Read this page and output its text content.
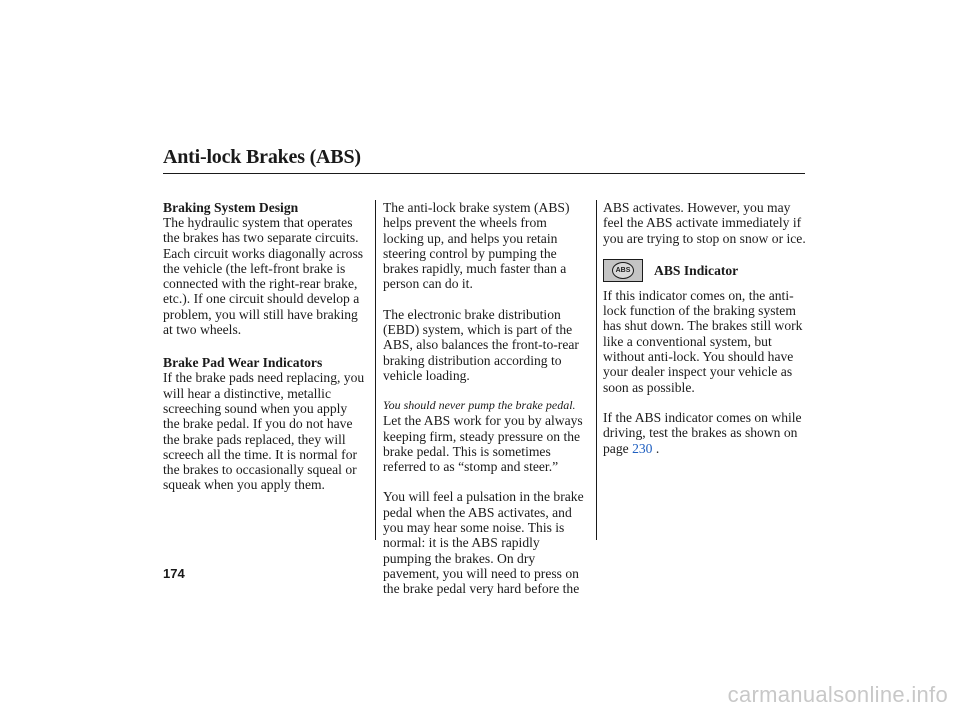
Anti-lock Brakes (ABS)
Braking System Design

The hydraulic system that operates
the brakes has two separate circuits.
Each circuit works diagonally across
the vehicle (the left-front brake is
connected with the right-rear brake,
etc.). If one circuit should develop a
problem, you will still have braking
at two wheels.

Brake Pad Wear Indicators

If the brake pads need replacing, you
will hear a distinctive, metallic
screeching sound when you apply
the brake pedal. If you do not have
the brake pads replaced, they will
screech all the time. It is normal for
the brakes to occasionally squeal or
squeak when you apply them.

The anti-lock brake system (ABS)
helps prevent the wheels from
locking up, and helps you retain
steering control by pumping the
brakes rapidly, much faster than a
person can do it.

The electronic brake distribution
(EBD) system, which is part of the
ABS, also balances the front-to-rear
braking distribution according to
vehicle loading.

You should never pump the brake pedal.

Let the ABS work for you by always
keeping firm, steady pressure on the
brake pedal. This is sometimes
referred to as “stomp and steer.”

You will feel a pulsation in the brake
pedal when the ABS activates, and
you may hear some noise. This is
normal: it is the ABS rapidly
pumping the brakes. On dry
pavement, you will need to press on
the brake pedal very hard before the

ABS activates. However, you may
feel the ABS activate immediately if
you are trying to stop on snow or ice.

ABS ABS Indicator

If this indicator comes on, the anti-
lock function of the braking system
has shut down. The brakes still work
like a conventional system, but
without anti-lock. You should have
your dealer inspect your vehicle as
soon as possible.

If the ABS indicator comes on while
driving, test the brakes as shown on
page 230 .

174
carmanualsonline.info
